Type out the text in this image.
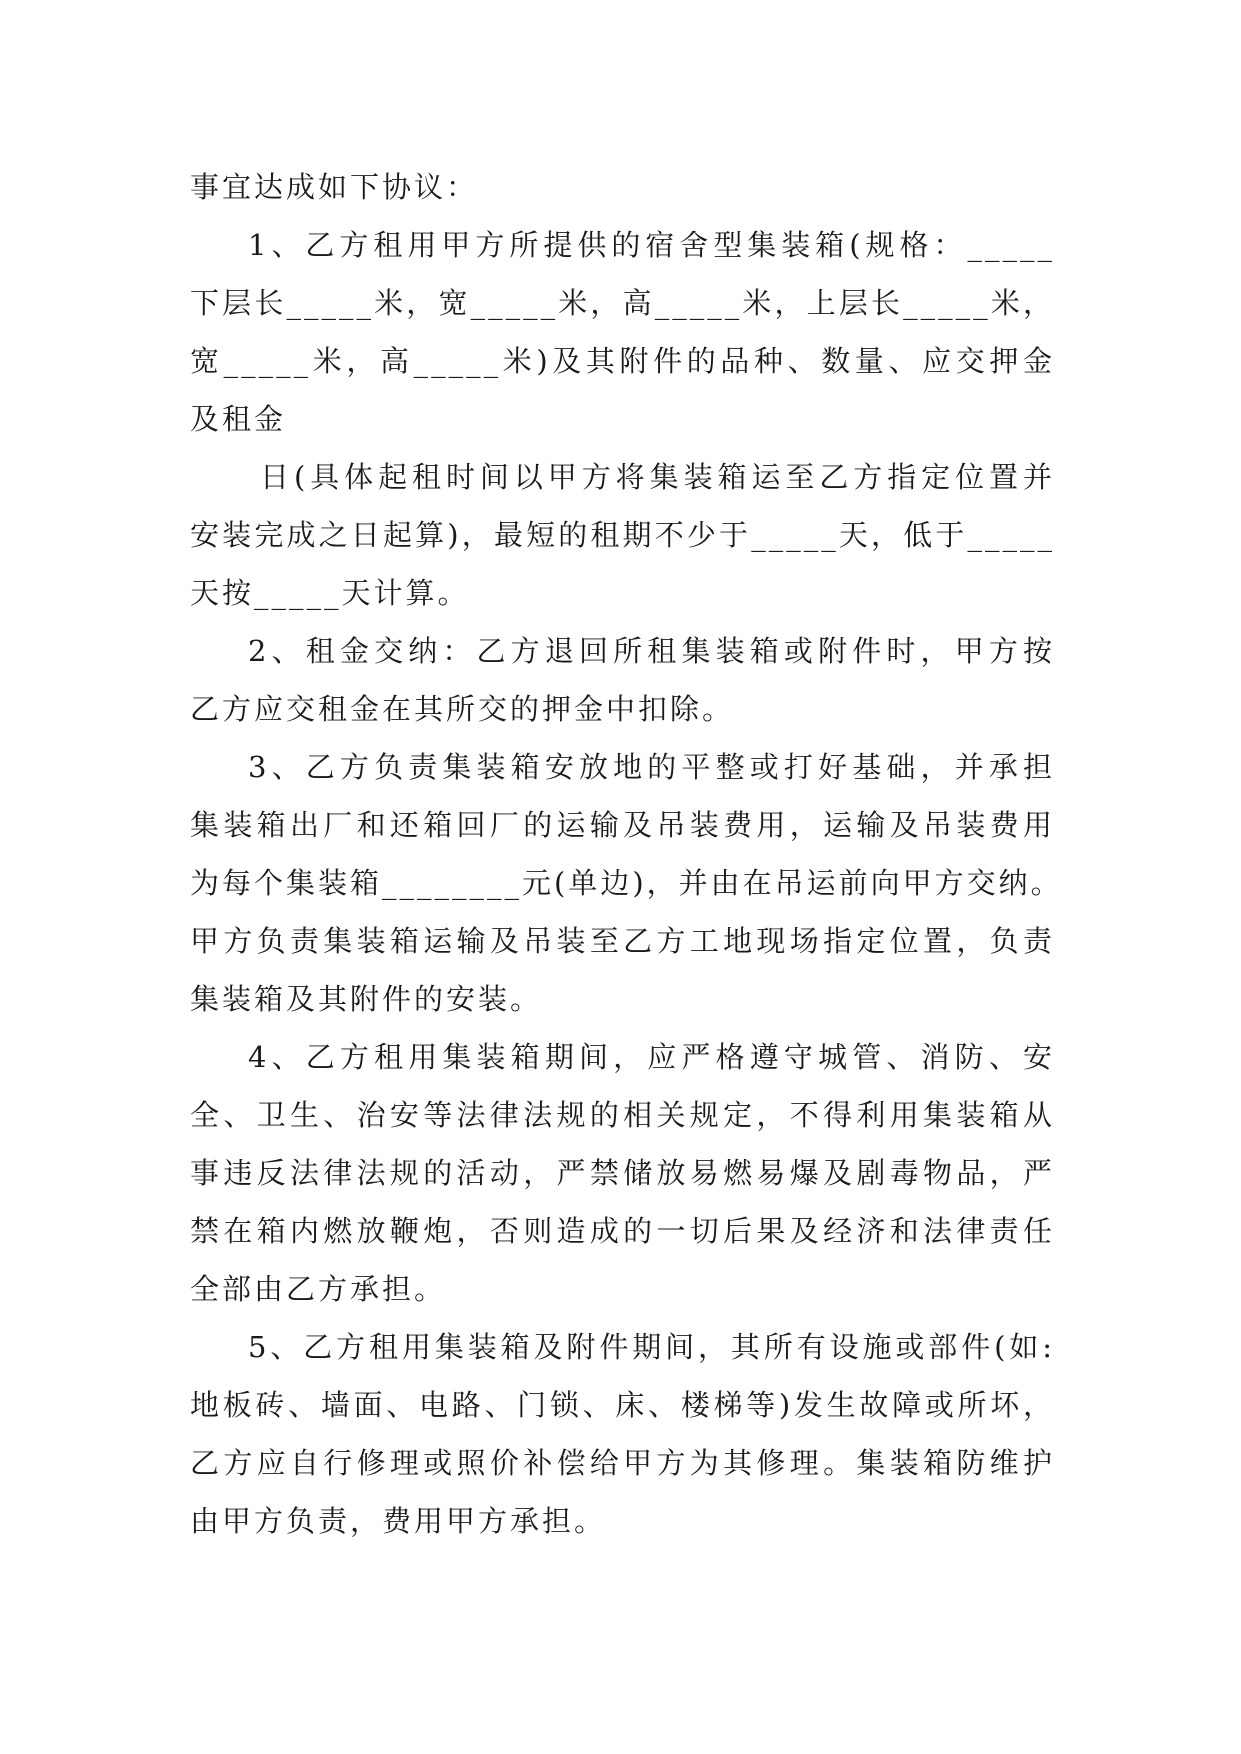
事宜达成如下协议：
1、乙方租用甲方所提供的宿舍型集装箱(规格：_____
下层长_____米，宽_____米，高_____米，上层长_____米，
宽_____米，高_____米)及其附件的品种、数量、应交押金
及租金
日(具体起租时间以甲方将集装箱运至乙方指定位置并
安装完成之日起算)，最短的租期不少于_____天，低于_____
天按_____天计算。
2、租金交纳：乙方退回所租集装箱或附件时，甲方按
乙方应交租金在其所交的押金中扣除。
3、乙方负责集装箱安放地的平整或打好基础，并承担
集装箱出厂和还箱回厂的运输及吊装费用，运输及吊装费用
为每个集装箱________元(单边)，并由在吊运前向甲方交纳。
甲方负责集装箱运输及吊装至乙方工地现场指定位置，负责
集装箱及其附件的安装。
4、乙方租用集装箱期间，应严格遵守城管、消防、安
全、卫生、治安等法律法规的相关规定，不得利用集装箱从
事违反法律法规的活动，严禁储放易燃易爆及剧毒物品，严
禁在箱内燃放鞭炮，否则造成的一切后果及经济和法律责任
全部由乙方承担。
5、乙方租用集装箱及附件期间，其所有设施或部件(如:
地板砖、墙面、电路、门锁、床、楼梯等)发生故障或所坏，
乙方应自行修理或照价补偿给甲方为其修理。集装箱防维护
由甲方负责，费用甲方承担。
